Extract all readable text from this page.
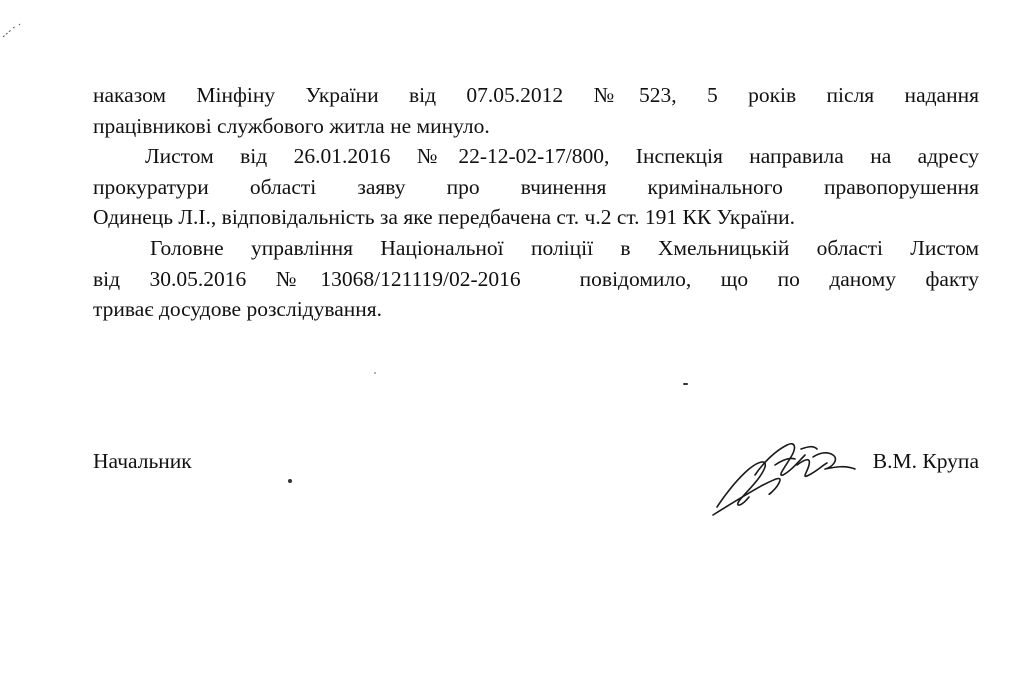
наказом Мінфіну України від 07.05.2012 №523, 5 років після надання
працівникові службового житла не минуло.

Листом від 26.01.2016 №22-12-02-17/800, Інспекція направила на адресу
прокуратури області заяву про вчинення кримінального правопорушення
Одинець Л.І., відповідальність за яке передбачена ст. ч.2 ст. 191 КК України.

Головне управління Національної поліції в Хмельницькій області Листом
від 30.05.2016 №13068/121119/02-2016  повідомило, що по даному факту
триває досудове розслідування.

Начальник	В.М. Крупа
